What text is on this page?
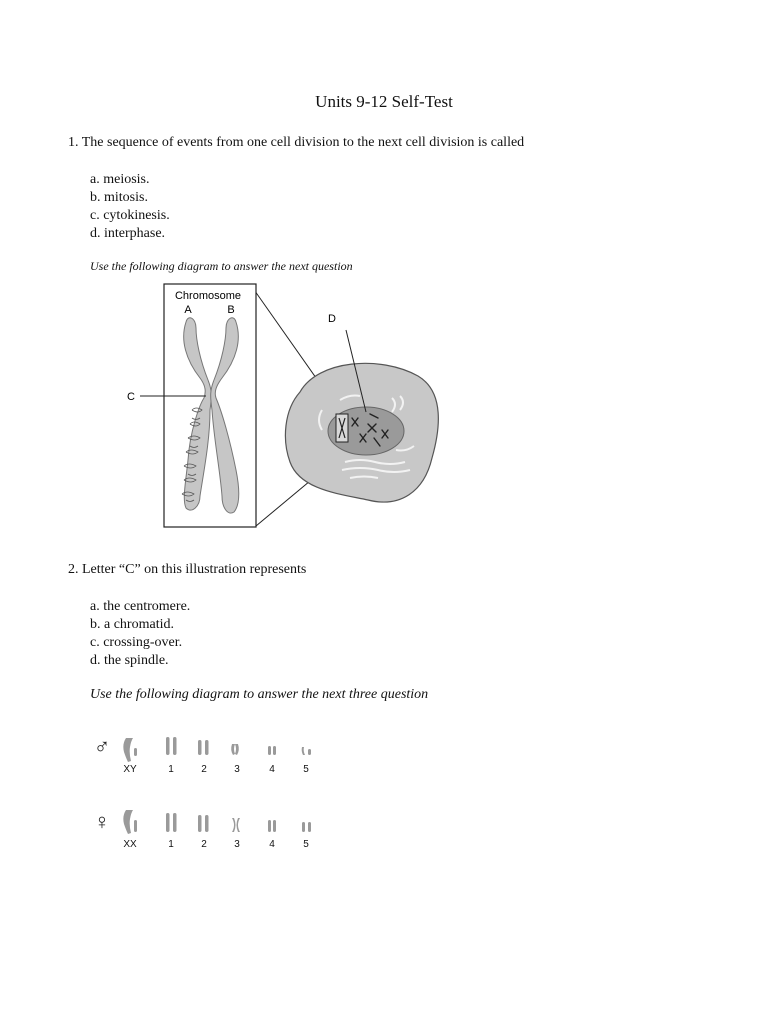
Units 9-12 Self-Test
1. The sequence of events from one cell division to the next cell division is called
a. meiosis.
b. mitosis.
c. cytokinesis.
d. interphase.
Use the following diagram to answer the next question
Chromosome
A	B
C
D
2. Letter “C” on this illustration represents
a. the centromere.
b. a chromatid.
c. crossing-over.
d. the spindle.
Use the following diagram to answer the next three question
♂
♀
XY	1	2	3	4	5
XX	1	2	3	4	5
